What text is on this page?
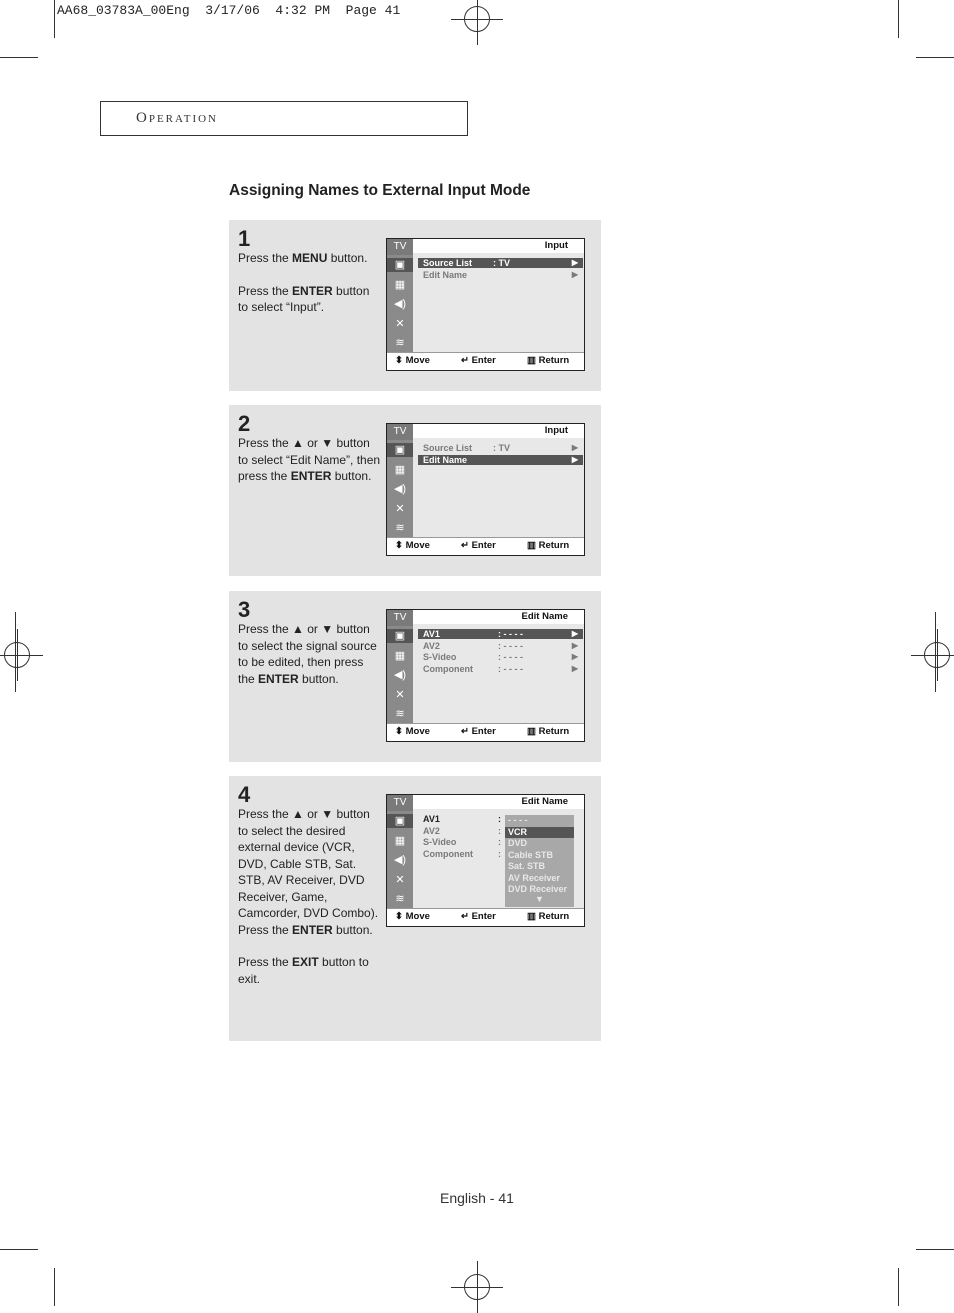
AA68_03783A_00Eng  3/17/06  4:32 PM  Page 41
Operation
Assigning Names to External Input Mode
1

Press the MENU button.

Press the ENTER button to select “Input”.

TV
▣
▦
◀)
✕
≋
Input
Source List : TV	▶
Edit Name	▶
⬍ Move	↵ Enter	▥ Return
2

Press the ▲ or ▼ button to select “Edit Name”, then press the ENTER button.

TV
▣
▦
◀)
✕
≋
Input
Source List : TV	▶
Edit Name	▶
⬍ Move	↵ Enter	▥ Return
3

Press the ▲ or ▼ button to select the signal source to be edited, then press the ENTER button.

TV
▣
▦
◀)
✕
≋
Edit Name
AV1	: - - - -	▶
AV2	: - - - -	▶
S-Video	: - - - -	▶
Component	: - - - -	▶
⬍ Move	↵ Enter	▥ Return
4

Press the ▲ or ▼ button to select the desired external device (VCR, DVD, Cable STB, Sat. STB, AV Receiver, DVD Receiver, Game, Camcorder, DVD Combo).

Press the ENTER button.

Press the EXIT button to exit.

TV
▣
▦
◀)
✕
≋
Edit Name
AV1	:
AV2	:
S-Video	:
Component	:
- - - -
VCR
DVD
Cable STB
Sat. STB
AV Receiver
DVD Receiver
▼
⬍ Move	↵ Enter	▥ Return
English - 41
